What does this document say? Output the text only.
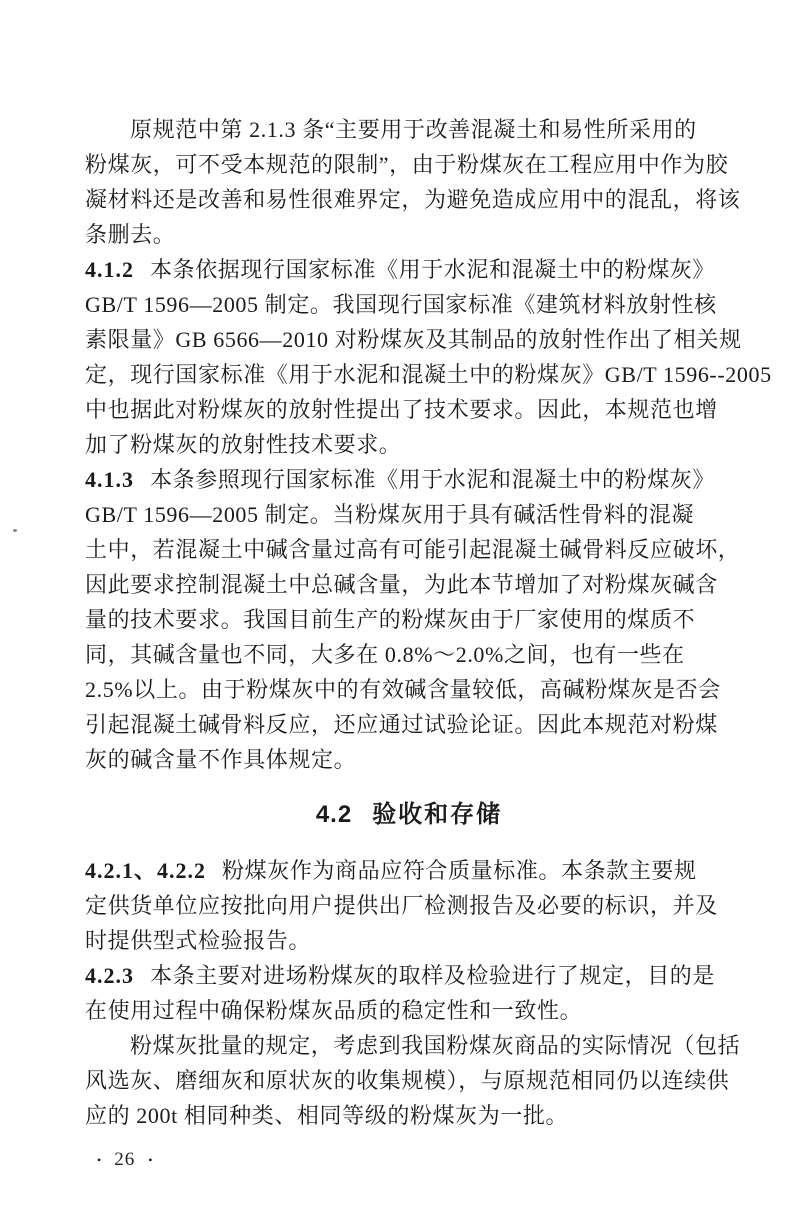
原规范中第 2.1.3 条“主要用于改善混凝土和易性所采用的
粉煤灰，可不受本规范的限制”，由于粉煤灰在工程应用中作为胶
凝材料还是改善和易性很难界定，为避免造成应用中的混乱，将该
条删去。
4.1.2 本条依据现行国家标准《用于水泥和混凝土中的粉煤灰》
GB/T 1596—2005 制定。我国现行国家标准《建筑材料放射性核
素限量》GB 6566—2010 对粉煤灰及其制品的放射性作出了相关规
定，现行国家标准《用于水泥和混凝土中的粉煤灰》GB/T 1596--2005
中也据此对粉煤灰的放射性提出了技术要求。因此，本规范也增
加了粉煤灰的放射性技术要求。
4.1.3 本条参照现行国家标准《用于水泥和混凝土中的粉煤灰》
GB/T 1596—2005 制定。当粉煤灰用于具有碱活性骨料的混凝
土中，若混凝土中碱含量过高有可能引起混凝土碱骨料反应破坏，
因此要求控制混凝土中总碱含量，为此本节增加了对粉煤灰碱含
量的技术要求。我国目前生产的粉煤灰由于厂家使用的煤质不
同，其碱含量也不同，大多在 0.8%～2.0%之间，也有一些在
2.5%以上。由于粉煤灰中的有效碱含量较低，高碱粉煤灰是否会
引起混凝土碱骨料反应，还应通过试验论证。因此本规范对粉煤
灰的碱含量不作具体规定。
4.2 验收和存储
4.2.1、4.2.2 粉煤灰作为商品应符合质量标准。本条款主要规
定供货单位应按批向用户提供出厂检测报告及必要的标识，并及
时提供型式检验报告。
4.2.3 本条主要对进场粉煤灰的取样及检验进行了规定，目的是
在使用过程中确保粉煤灰品质的稳定性和一致性。
粉煤灰批量的规定，考虑到我国粉煤灰商品的实际情况（包括
风选灰、磨细灰和原状灰的收集规模），与原规范相同仍以连续供
应的 200t 相同种类、相同等级的粉煤灰为一批。
• 26 •
